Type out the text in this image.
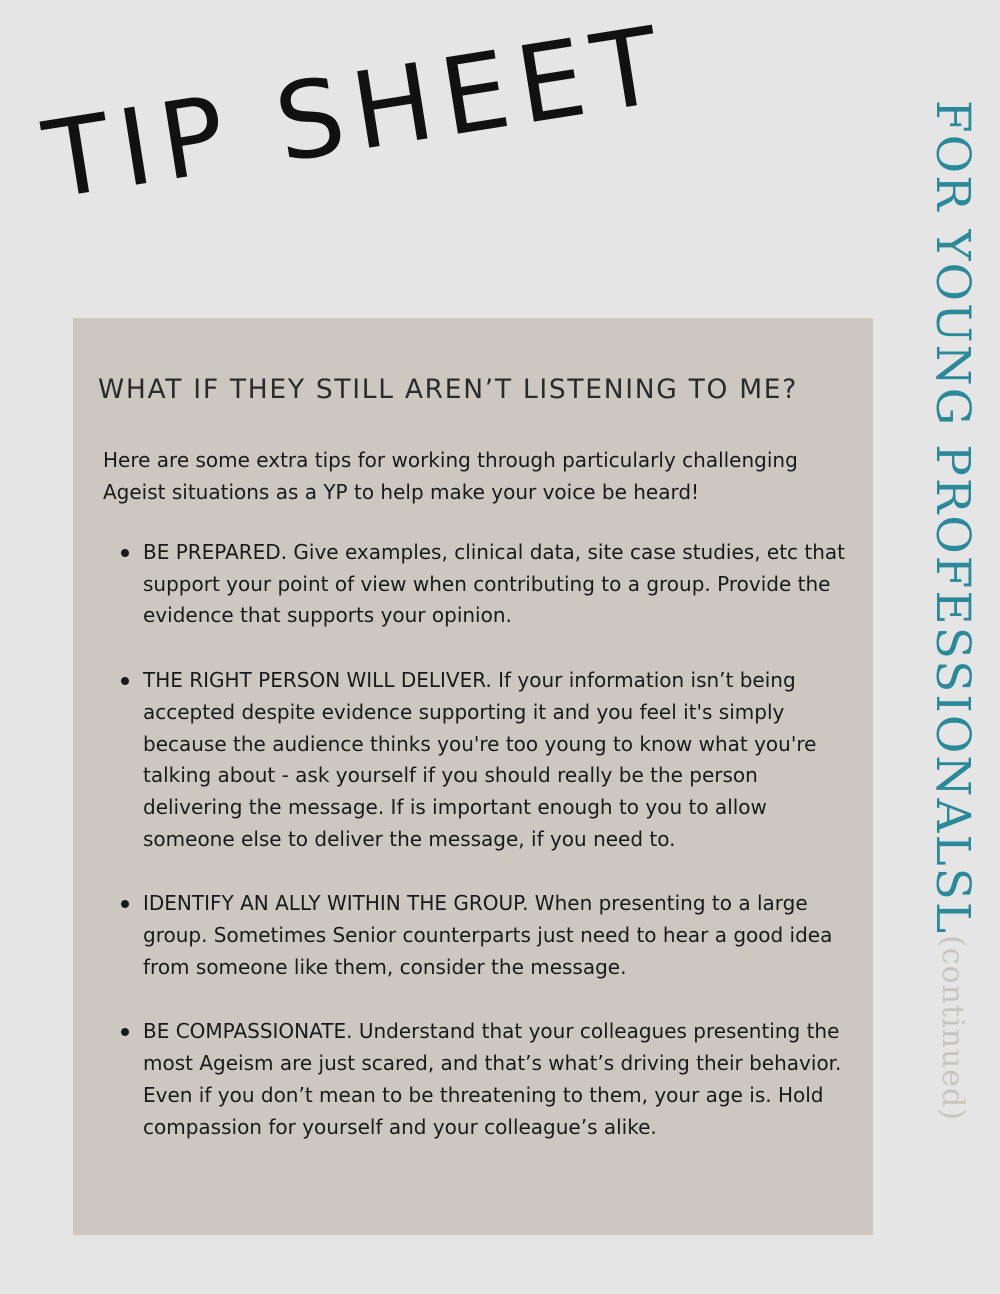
TIP SHEET	FOR YOUNG PROFESSIONALSL(continued)
WHAT IF THEY STILL AREN’T LISTENING TO ME?

Here are some extra tips for working through particularly challenging Ageist situations as a YP to help make your voice be heard!

BE PREPARED. Give examples, clinical data, site case studies, etc that support your point of view when contributing to a group. Provide the evidence that supports your opinion.
THE RIGHT PERSON WILL DELIVER. If your information isn’t being accepted despite evidence supporting it and you feel it's simply because the audience thinks you're too young to know what you're talking about - ask yourself if you should really be the person delivering the message. If is important enough to you to allow someone else to deliver the message, if you need to.
IDENTIFY AN ALLY WITHIN THE GROUP. When presenting to a large group. Sometimes Senior counterparts just need to hear a good idea from someone like them, consider the message.
BE COMPASSIONATE. Understand that your colleagues presenting the most Ageism are just scared, and that’s what’s driving their behavior. Even if you don’t mean to be threatening to them, your age is. Hold compassion for yourself and your colleague’s alike.
